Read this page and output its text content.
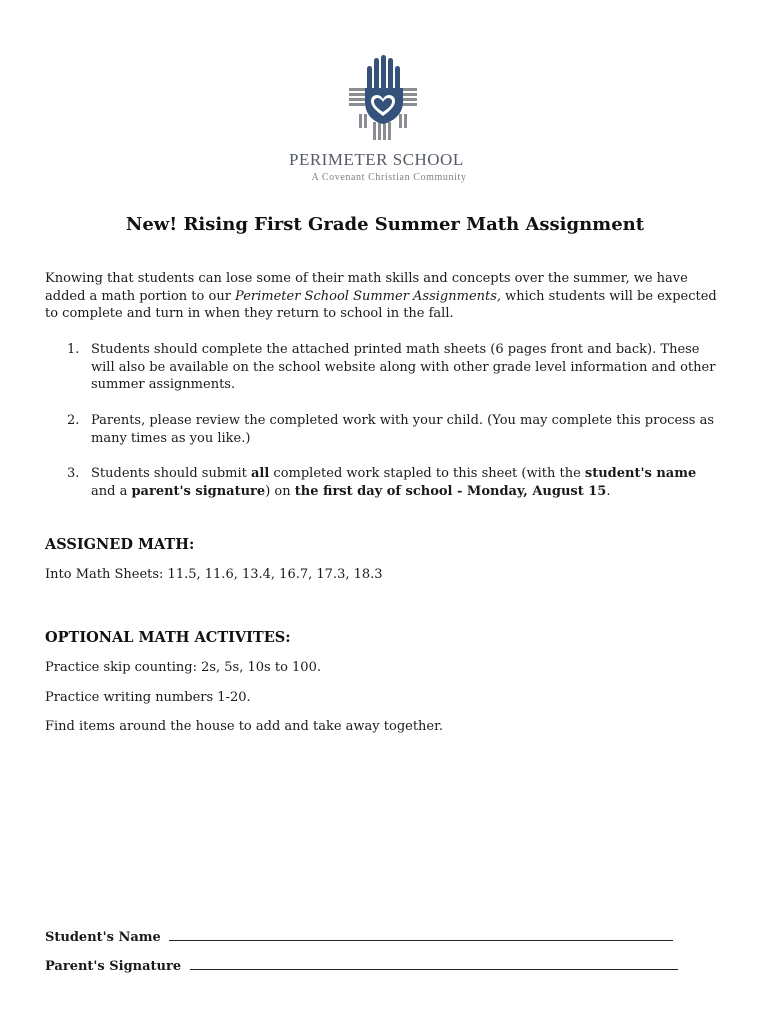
PERIMETER SCHOOL
A Covenant Christian Community
New! Rising First Grade Summer Math Assignment
Knowing that students can lose some of their math skills and concepts over the summer, we have
added a math portion to our Perimeter School Summer Assignments, which students will be expected
to complete and turn in when they return to school in the fall.
1. Students should complete the attached printed math sheets (6 pages front and back). These
will also be available on the school website along with other grade level information and other
summer assignments.
2. Parents, please review the completed work with your child. (You may complete this process as
many times as you like.)
3. Students should submit all completed work stapled to this sheet (with the student's name
and a parent's signature) on the first day of school - Monday, August 15.
ASSIGNED MATH:
Into Math Sheets: 11.5, 11.6, 13.4, 16.7, 17.3, 18.3
OPTIONAL MATH ACTIVITES:
Practice skip counting: 2s, 5s, 10s to 100.
Practice writing numbers 1-20.
Find items around the house to add and take away together.
Student's Name
Parent's Signature
